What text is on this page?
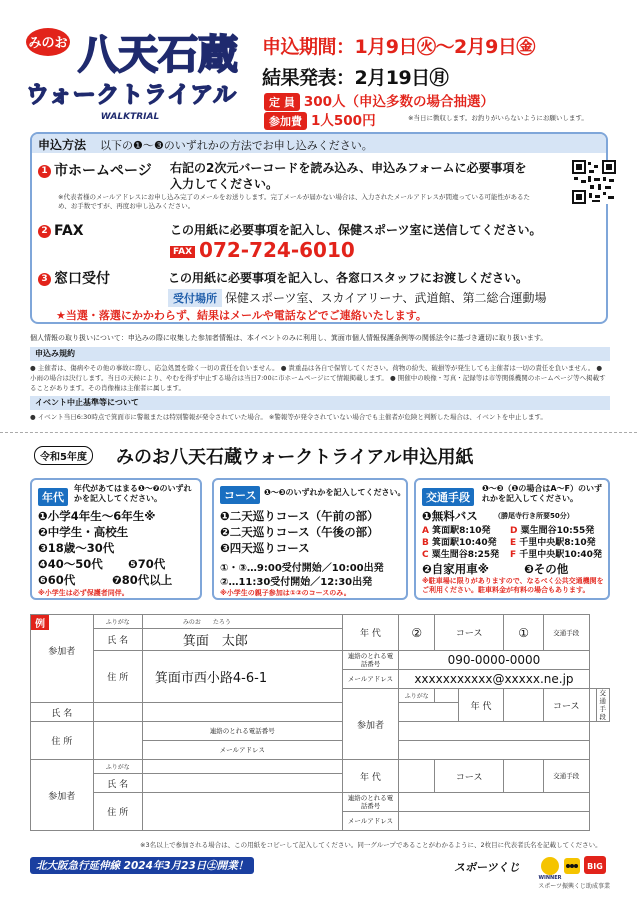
みのお 八天石蔵
ウォークトライアル
WALKTRIAL
申込期間：1月9日㊋〜2月9日㊎
結果発表：2月19日㊊
定 員 300人（申込多数の場合抽選）
参加費 1人500円	※当日に徴収します。お釣りがいらないようにお願いします。
申込方法 以下の❶〜❸のいずれかの方法でお申し込みください。
1 市ホームページ 右記の2次元バーコードを読み込み、申込みフォームに必要事項を入力してください。
※代表者様のメールアドレスにお申し込み完了のメールをお送りします。完了メールが届かない場合は、入力されたメールアドレスが間違っている可能性があるため、お手数ですが、再度お申し込みください。
2 FAX	この用紙に必要事項を記入し、保健スポーツ室に送信してください。
FAX 072-724-6010
3 窓口受付	この用紙に必要事項を記入し、各窓口スタッフにお渡しください。
受付場所 保健スポーツ室、スカイアリーナ、武道館、第二総合運動場
★当選・落選にかかわらず、結果はメールや電話などでご連絡いたします。
個人情報の取り扱いについて：申込みの際に収集した参加者情報は、本イベントのみに利用し、箕面市個人情報保護条例等の関係法令に基づき適切に取り扱います。
申込み規約
● 主催者は、傷病やその他の事故に際し、応急処置を除く一切の責任を負いません。 ● 貴重品は各自で保管してください。荷物の紛失、破損等が発生しても主催者は一切の責任を負いません。 ● 小雨の場合は決行します。当日の天候により、やむを得ず中止する場合は当日7:00に市ホームページにて情報掲載します。 ● 開催中の映像・写真・記録等は市等関係機関のホームページ等へ掲載することがあります。その肖像権は主催者に属します。
イベント中止基準等について
● イベント当日6:30時点で箕面市に警報または特別警報が発令されていた場合。 ※警報等が発令されていない場合でも主催者が危険と判断した場合は、イベントを中止します。
令和5年度	みのお八天石蔵ウォークトライアル申込用紙
年代
年代があてはまる❶〜❼のいずれかを記入してください。
❶小学4年生〜6年生※
❷中学生・高校生
❸18歳〜30代
❹40〜50代 ❺70代
❻60代	❼80代以上
※小学生は必ず保護者同伴。
コース ❶〜❸のいずれかを記入してください。
❶二天巡りコース（午前の部）
❷二天巡りコース（午後の部）
❸四天巡りコース
①・③…9:00受付開始／10:00出発
②…11:30受付開始／12:30出発
※小学生の親子参加は①②のコースのみ。
交通手段
❶〜❸（❶の場合はA〜F）のいずれかを記入してください。
❶無料バス （勝尾寺行き所要50分）
A 箕面駅8:10発 D 粟生間谷10:55発
B 箕面駅10:40発 E 千里中央駅8:10発
C 粟生間谷8:25発 F 千里中央駅10:40発
❷自家用車※	❸その他
※駐車場に限りがありますので、なるべく公共交通機関をご利用ください。駐車料金が有料の場合もあります。
例
参加者	ふりがな	みのお　　たろう	年 代	②	コース		①	交通手段	
	氏 名	箕面　太郎								
	住 所	箕面市西小路4-6-1	連絡のとれる電話番号	090-0000-0000						
			メールアドレス	xxxxxxxxxxx@xxxxx.ne.jp						
			参加者	ふりがな		年 代		コース		交通手段
氏 名										
住 所		連絡のとれる電話番号								
		メールアドレス								
参加者	ふりがな		年 代		コース			交通手段		
	氏 名									
	住 所		連絡のとれる電話番号							
			メールアドレス							
※3名以上で参加される場合は、この用紙をコピーして記入してください。同一グループであることがわかるように、2枚目に代表者氏名を記載してください。
北大阪急行延伸線 2024年3月23日㊏開業！	スポーツくじ
WINNER
BIG
スポーツ振興くじ助成事業
